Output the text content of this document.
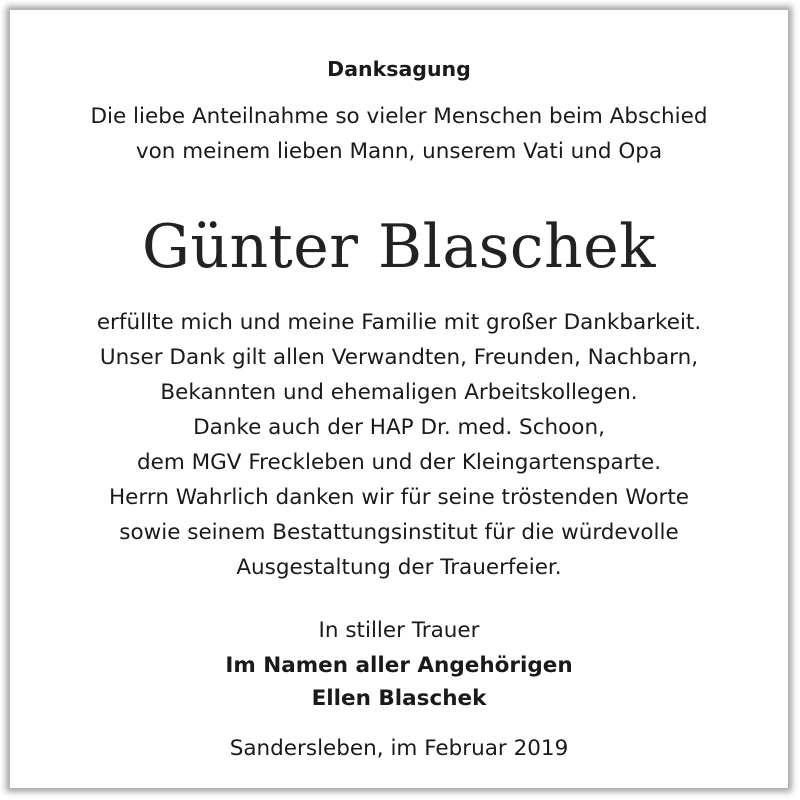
Danksagung
Die liebe Anteilnahme so vieler Menschen beim Abschied
von meinem lieben Mann, unserem Vati und Opa
Günter Blaschek
erfüllte mich und meine Familie mit großer Dankbarkeit.
Unser Dank gilt allen Verwandten, Freunden, Nachbarn,
Bekannten und ehemaligen Arbeitskollegen.
Danke auch der HAP Dr. med. Schoon,
dem MGV Freckleben und der Kleingartensparte.
Herrn Wahrlich danken wir für seine tröstenden Worte
sowie seinem Bestattungsinstitut für die würdevolle
Ausgestaltung der Trauerfeier.
In stiller Trauer
Im Namen aller Angehörigen
Ellen Blaschek
Sandersleben, im Februar 2019
